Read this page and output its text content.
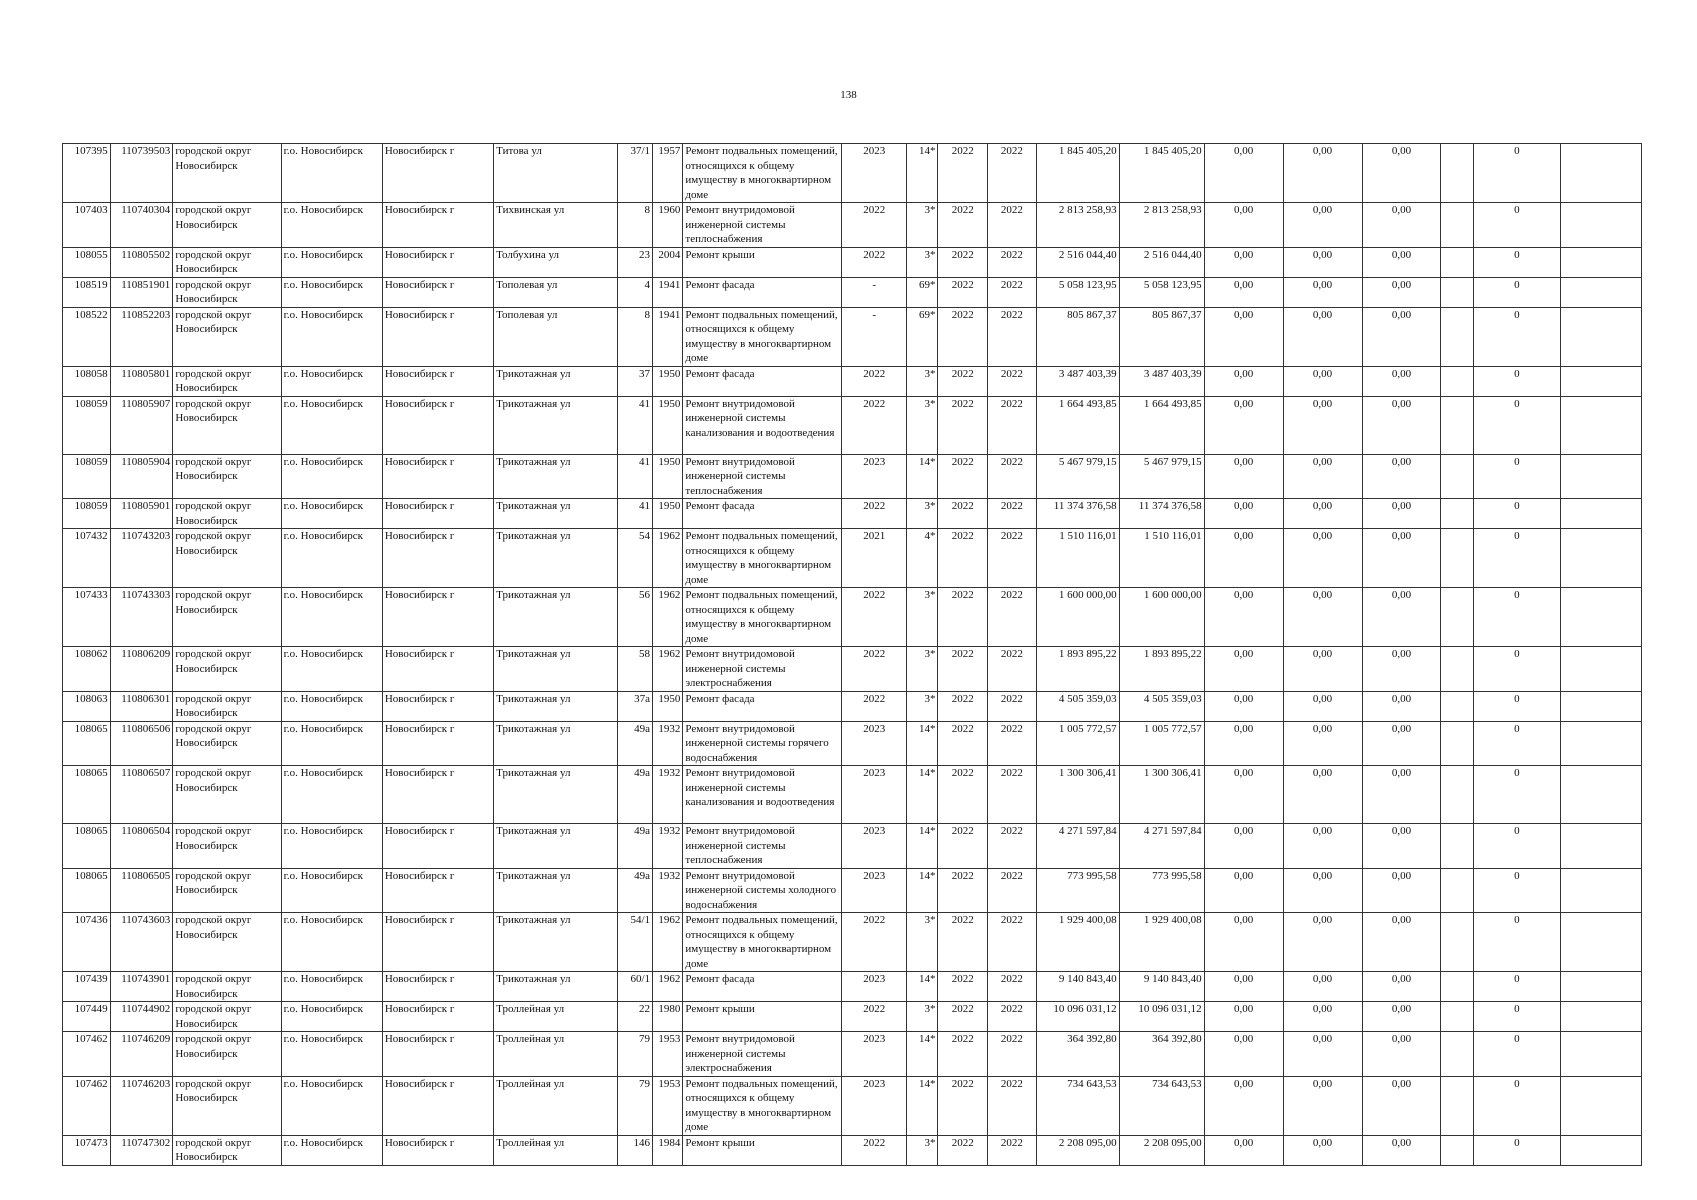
138
107395	110739503	городской округ Новосибирск	г.о. Новосибирск	Новосибирск г	Титова ул	37/1	1957	Ремонт подвальных помещений, относящихся к общему имуществу в многоквартирном доме	2023	14*	2022	2022	1 845 405,20	1 845 405,20	0,00	0,00	0,00		0	
107403	110740304	городской округ Новосибирск	г.о. Новосибирск	Новосибирск г	Тихвинская ул	8	1960	Ремонт внутридомовой инженерной системы теплоснабжения	2022	3*	2022	2022	2 813 258,93	2 813 258,93	0,00	0,00	0,00		0	
108055	110805502	городской округ Новосибирск	г.о. Новосибирск	Новосибирск г	Толбухина ул	23	2004	Ремонт крыши	2022	3*	2022	2022	2 516 044,40	2 516 044,40	0,00	0,00	0,00		0	
108519	110851901	городской округ Новосибирск	г.о. Новосибирск	Новосибирск г	Тополевая ул	4	1941	Ремонт фасада	-	69*	2022	2022	5 058 123,95	5 058 123,95	0,00	0,00	0,00		0	
108522	110852203	городской округ Новосибирск	г.о. Новосибирск	Новосибирск г	Тополевая ул	8	1941	Ремонт подвальных помещений, относящихся к общему имуществу в многоквартирном доме	-	69*	2022	2022	805 867,37	805 867,37	0,00	0,00	0,00		0	
108058	110805801	городской округ Новосибирск	г.о. Новосибирск	Новосибирск г	Трикотажная ул	37	1950	Ремонт фасада	2022	3*	2022	2022	3 487 403,39	3 487 403,39	0,00	0,00	0,00		0	
108059	110805907	городской округ Новосибирск	г.о. Новосибирск	Новосибирск г	Трикотажная ул	41	1950	Ремонт внутридомовой инженерной системы канализования и водоотведения	2022	3*	2022	2022	1 664 493,85	1 664 493,85	0,00	0,00	0,00		0	
108059	110805904	городской округ Новосибирск	г.о. Новосибирск	Новосибирск г	Трикотажная ул	41	1950	Ремонт внутридомовой инженерной системы теплоснабжения	2023	14*	2022	2022	5 467 979,15	5 467 979,15	0,00	0,00	0,00		0	
108059	110805901	городской округ Новосибирск	г.о. Новосибирск	Новосибирск г	Трикотажная ул	41	1950	Ремонт фасада	2022	3*	2022	2022	11 374 376,58	11 374 376,58	0,00	0,00	0,00		0	
107432	110743203	городской округ Новосибирск	г.о. Новосибирск	Новосибирск г	Трикотажная ул	54	1962	Ремонт подвальных помещений, относящихся к общему имуществу в многоквартирном доме	2021	4*	2022	2022	1 510 116,01	1 510 116,01	0,00	0,00	0,00		0	
107433	110743303	городской округ Новосибирск	г.о. Новосибирск	Новосибирск г	Трикотажная ул	56	1962	Ремонт подвальных помещений, относящихся к общему имуществу в многоквартирном доме	2022	3*	2022	2022	1 600 000,00	1 600 000,00	0,00	0,00	0,00		0	
108062	110806209	городской округ Новосибирск	г.о. Новосибирск	Новосибирск г	Трикотажная ул	58	1962	Ремонт внутридомовой инженерной системы электроснабжения	2022	3*	2022	2022	1 893 895,22	1 893 895,22	0,00	0,00	0,00		0	
108063	110806301	городской округ Новосибирск	г.о. Новосибирск	Новосибирск г	Трикотажная ул	37а	1950	Ремонт фасада	2022	3*	2022	2022	4 505 359,03	4 505 359,03	0,00	0,00	0,00		0	
108065	110806506	городской округ Новосибирск	г.о. Новосибирск	Новосибирск г	Трикотажная ул	49а	1932	Ремонт внутридомовой инженерной системы горячего водоснабжения	2023	14*	2022	2022	1 005 772,57	1 005 772,57	0,00	0,00	0,00		0	
108065	110806507	городской округ Новосибирск	г.о. Новосибирск	Новосибирск г	Трикотажная ул	49а	1932	Ремонт внутридомовой инженерной системы канализования и водоотведения	2023	14*	2022	2022	1 300 306,41	1 300 306,41	0,00	0,00	0,00		0	
108065	110806504	городской округ Новосибирск	г.о. Новосибирск	Новосибирск г	Трикотажная ул	49а	1932	Ремонт внутридомовой инженерной системы теплоснабжения	2023	14*	2022	2022	4 271 597,84	4 271 597,84	0,00	0,00	0,00		0	
108065	110806505	городской округ Новосибирск	г.о. Новосибирск	Новосибирск г	Трикотажная ул	49а	1932	Ремонт внутридомовой инженерной системы холодного водоснабжения	2023	14*	2022	2022	773 995,58	773 995,58	0,00	0,00	0,00		0	
107436	110743603	городской округ Новосибирск	г.о. Новосибирск	Новосибирск г	Трикотажная ул	54/1	1962	Ремонт подвальных помещений, относящихся к общему имуществу в многоквартирном доме	2022	3*	2022	2022	1 929 400,08	1 929 400,08	0,00	0,00	0,00		0	
107439	110743901	городской округ Новосибирск	г.о. Новосибирск	Новосибирск г	Трикотажная ул	60/1	1962	Ремонт фасада	2023	14*	2022	2022	9 140 843,40	9 140 843,40	0,00	0,00	0,00		0	
107449	110744902	городской округ Новосибирск	г.о. Новосибирск	Новосибирск г	Троллейная ул	22	1980	Ремонт крыши	2022	3*	2022	2022	10 096 031,12	10 096 031,12	0,00	0,00	0,00		0	
107462	110746209	городской округ Новосибирск	г.о. Новосибирск	Новосибирск г	Троллейная ул	79	1953	Ремонт внутридомовой инженерной системы электроснабжения	2023	14*	2022	2022	364 392,80	364 392,80	0,00	0,00	0,00		0	
107462	110746203	городской округ Новосибирск	г.о. Новосибирск	Новосибирск г	Троллейная ул	79	1953	Ремонт подвальных помещений, относящихся к общему имуществу в многоквартирном доме	2023	14*	2022	2022	734 643,53	734 643,53	0,00	0,00	0,00		0	
107473	110747302	городской округ Новосибирск	г.о. Новосибирск	Новосибирск г	Троллейная ул	146	1984	Ремонт крыши	2022	3*	2022	2022	2 208 095,00	2 208 095,00	0,00	0,00	0,00		0	
